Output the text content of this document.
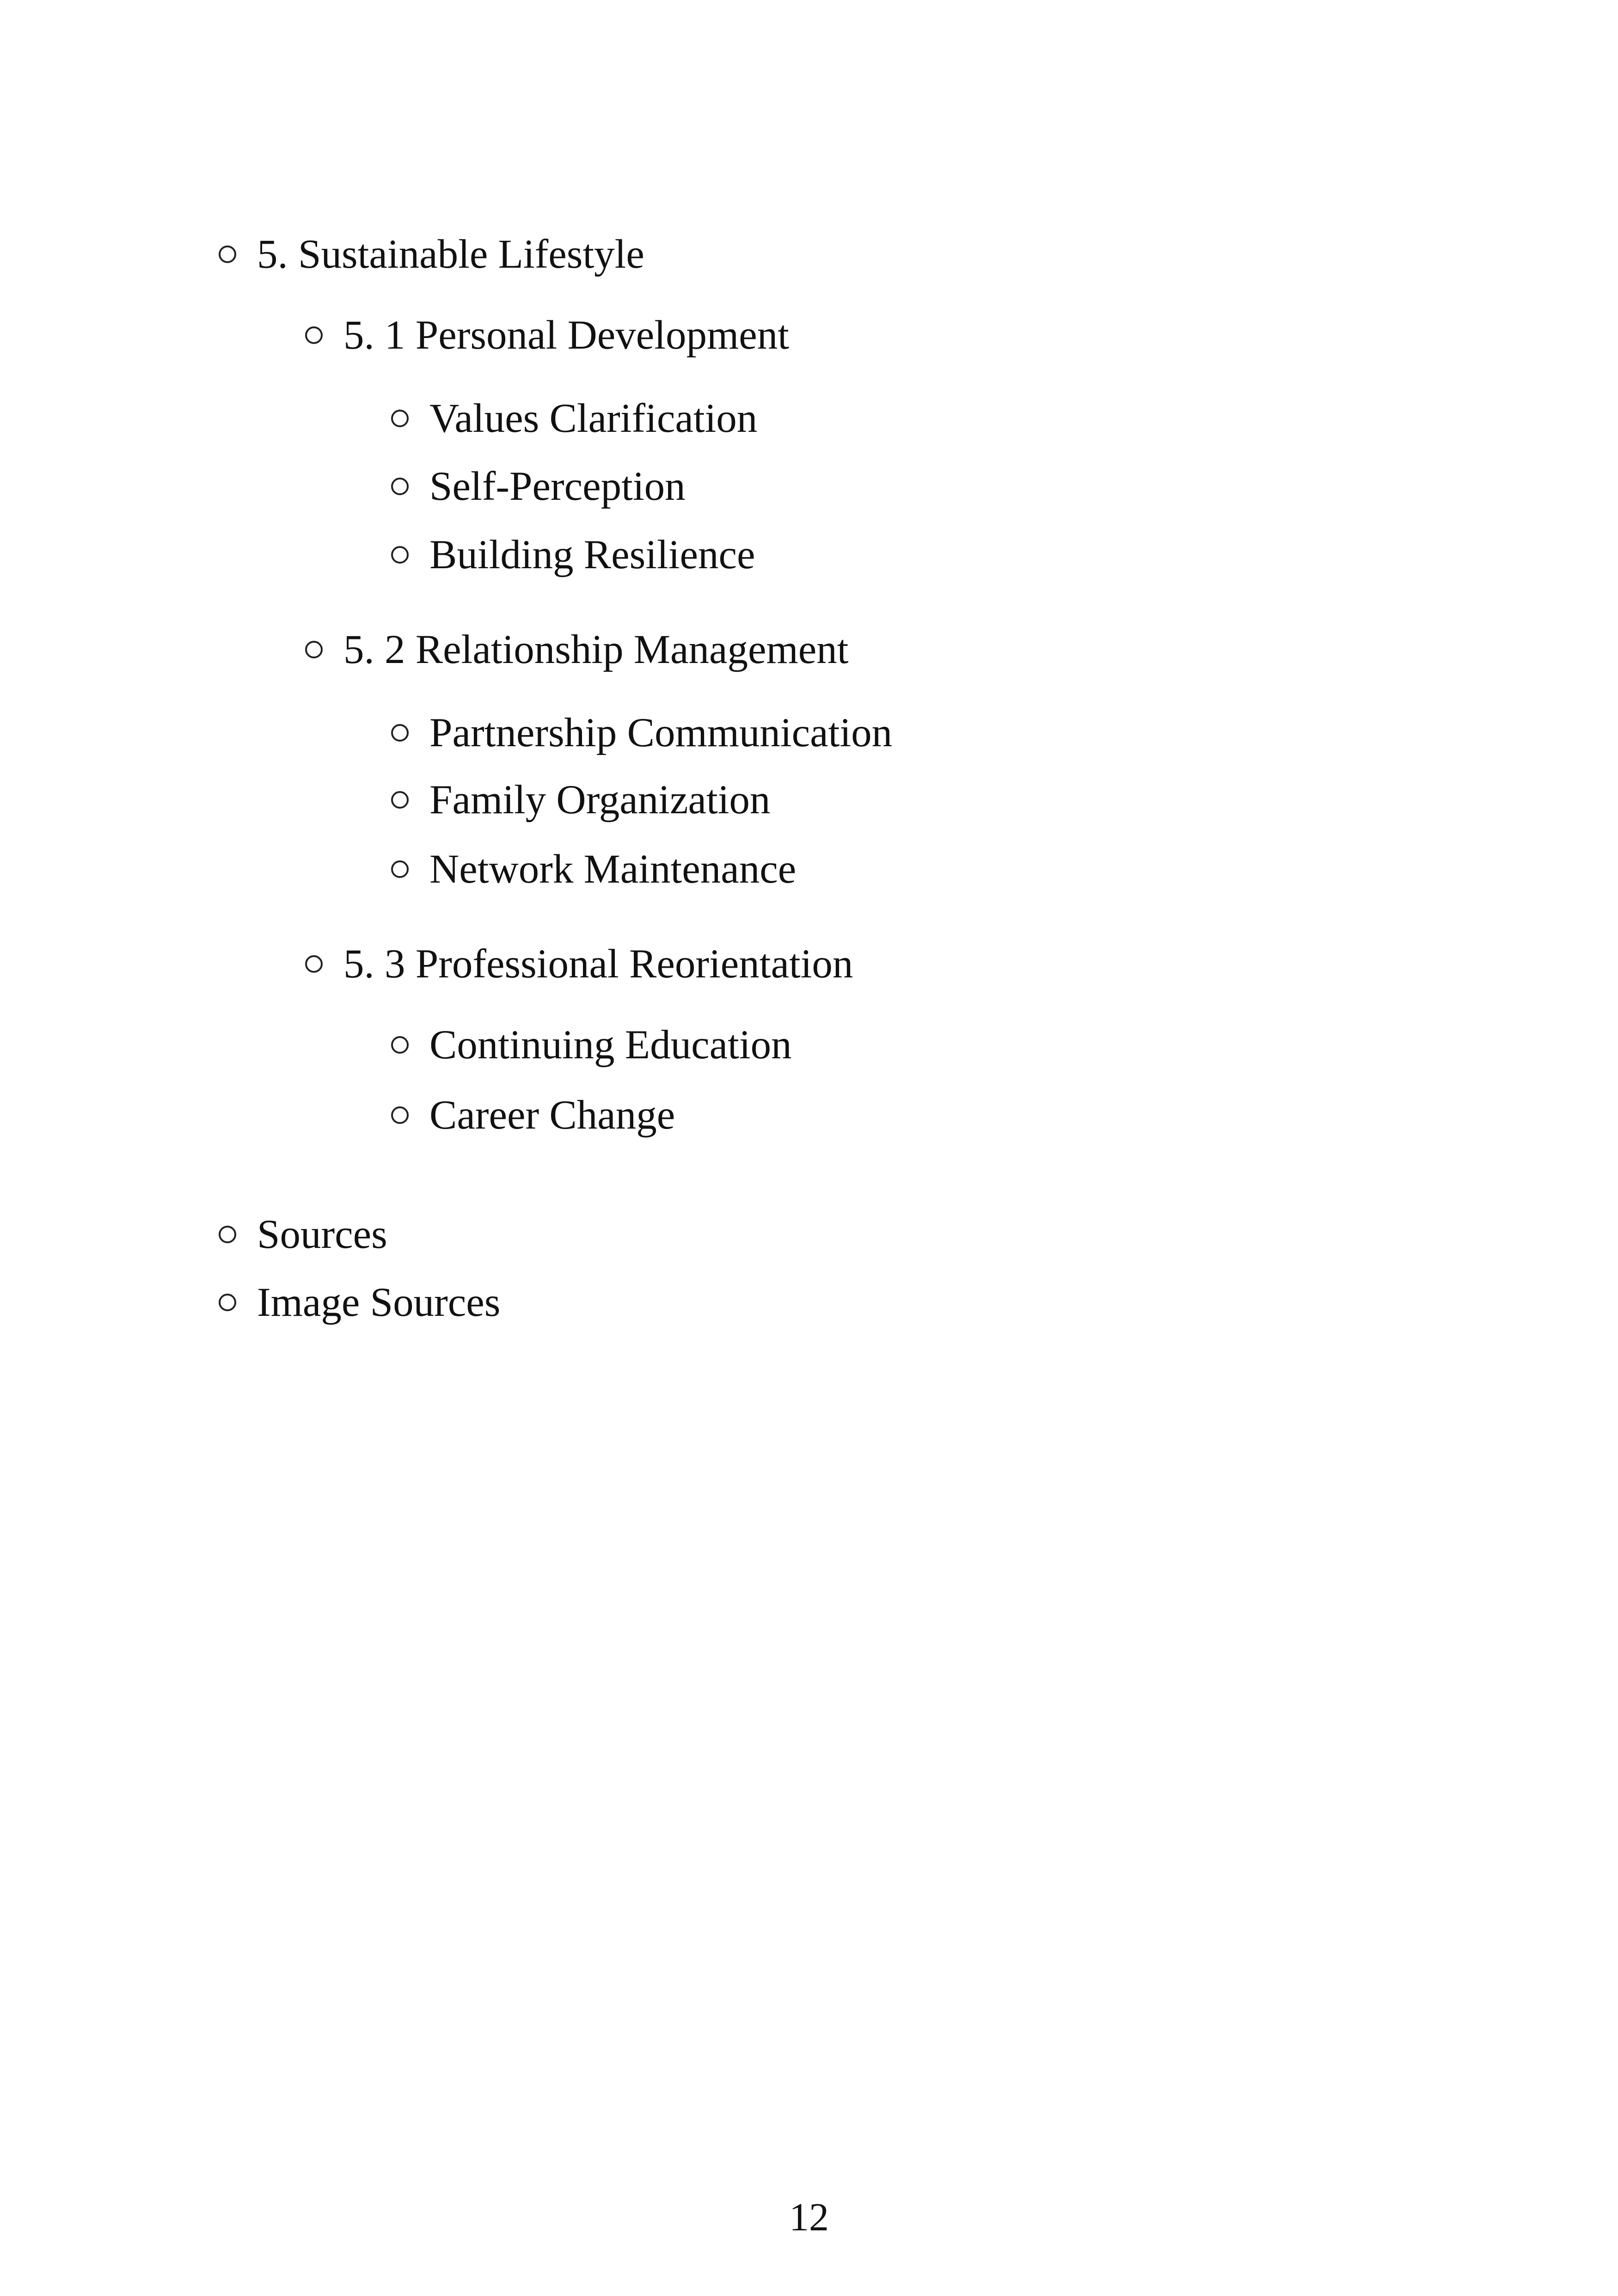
5. Sustainable Lifestyle
5. 1 Personal Development
Values Clarification
Self-Perception
Building Resilience
5. 2 Relationship Management
Partnership Communication
Family Organization
Network Maintenance
5. 3 Professional Reorientation
Continuing Education
Career Change
Sources
Image Sources
12
